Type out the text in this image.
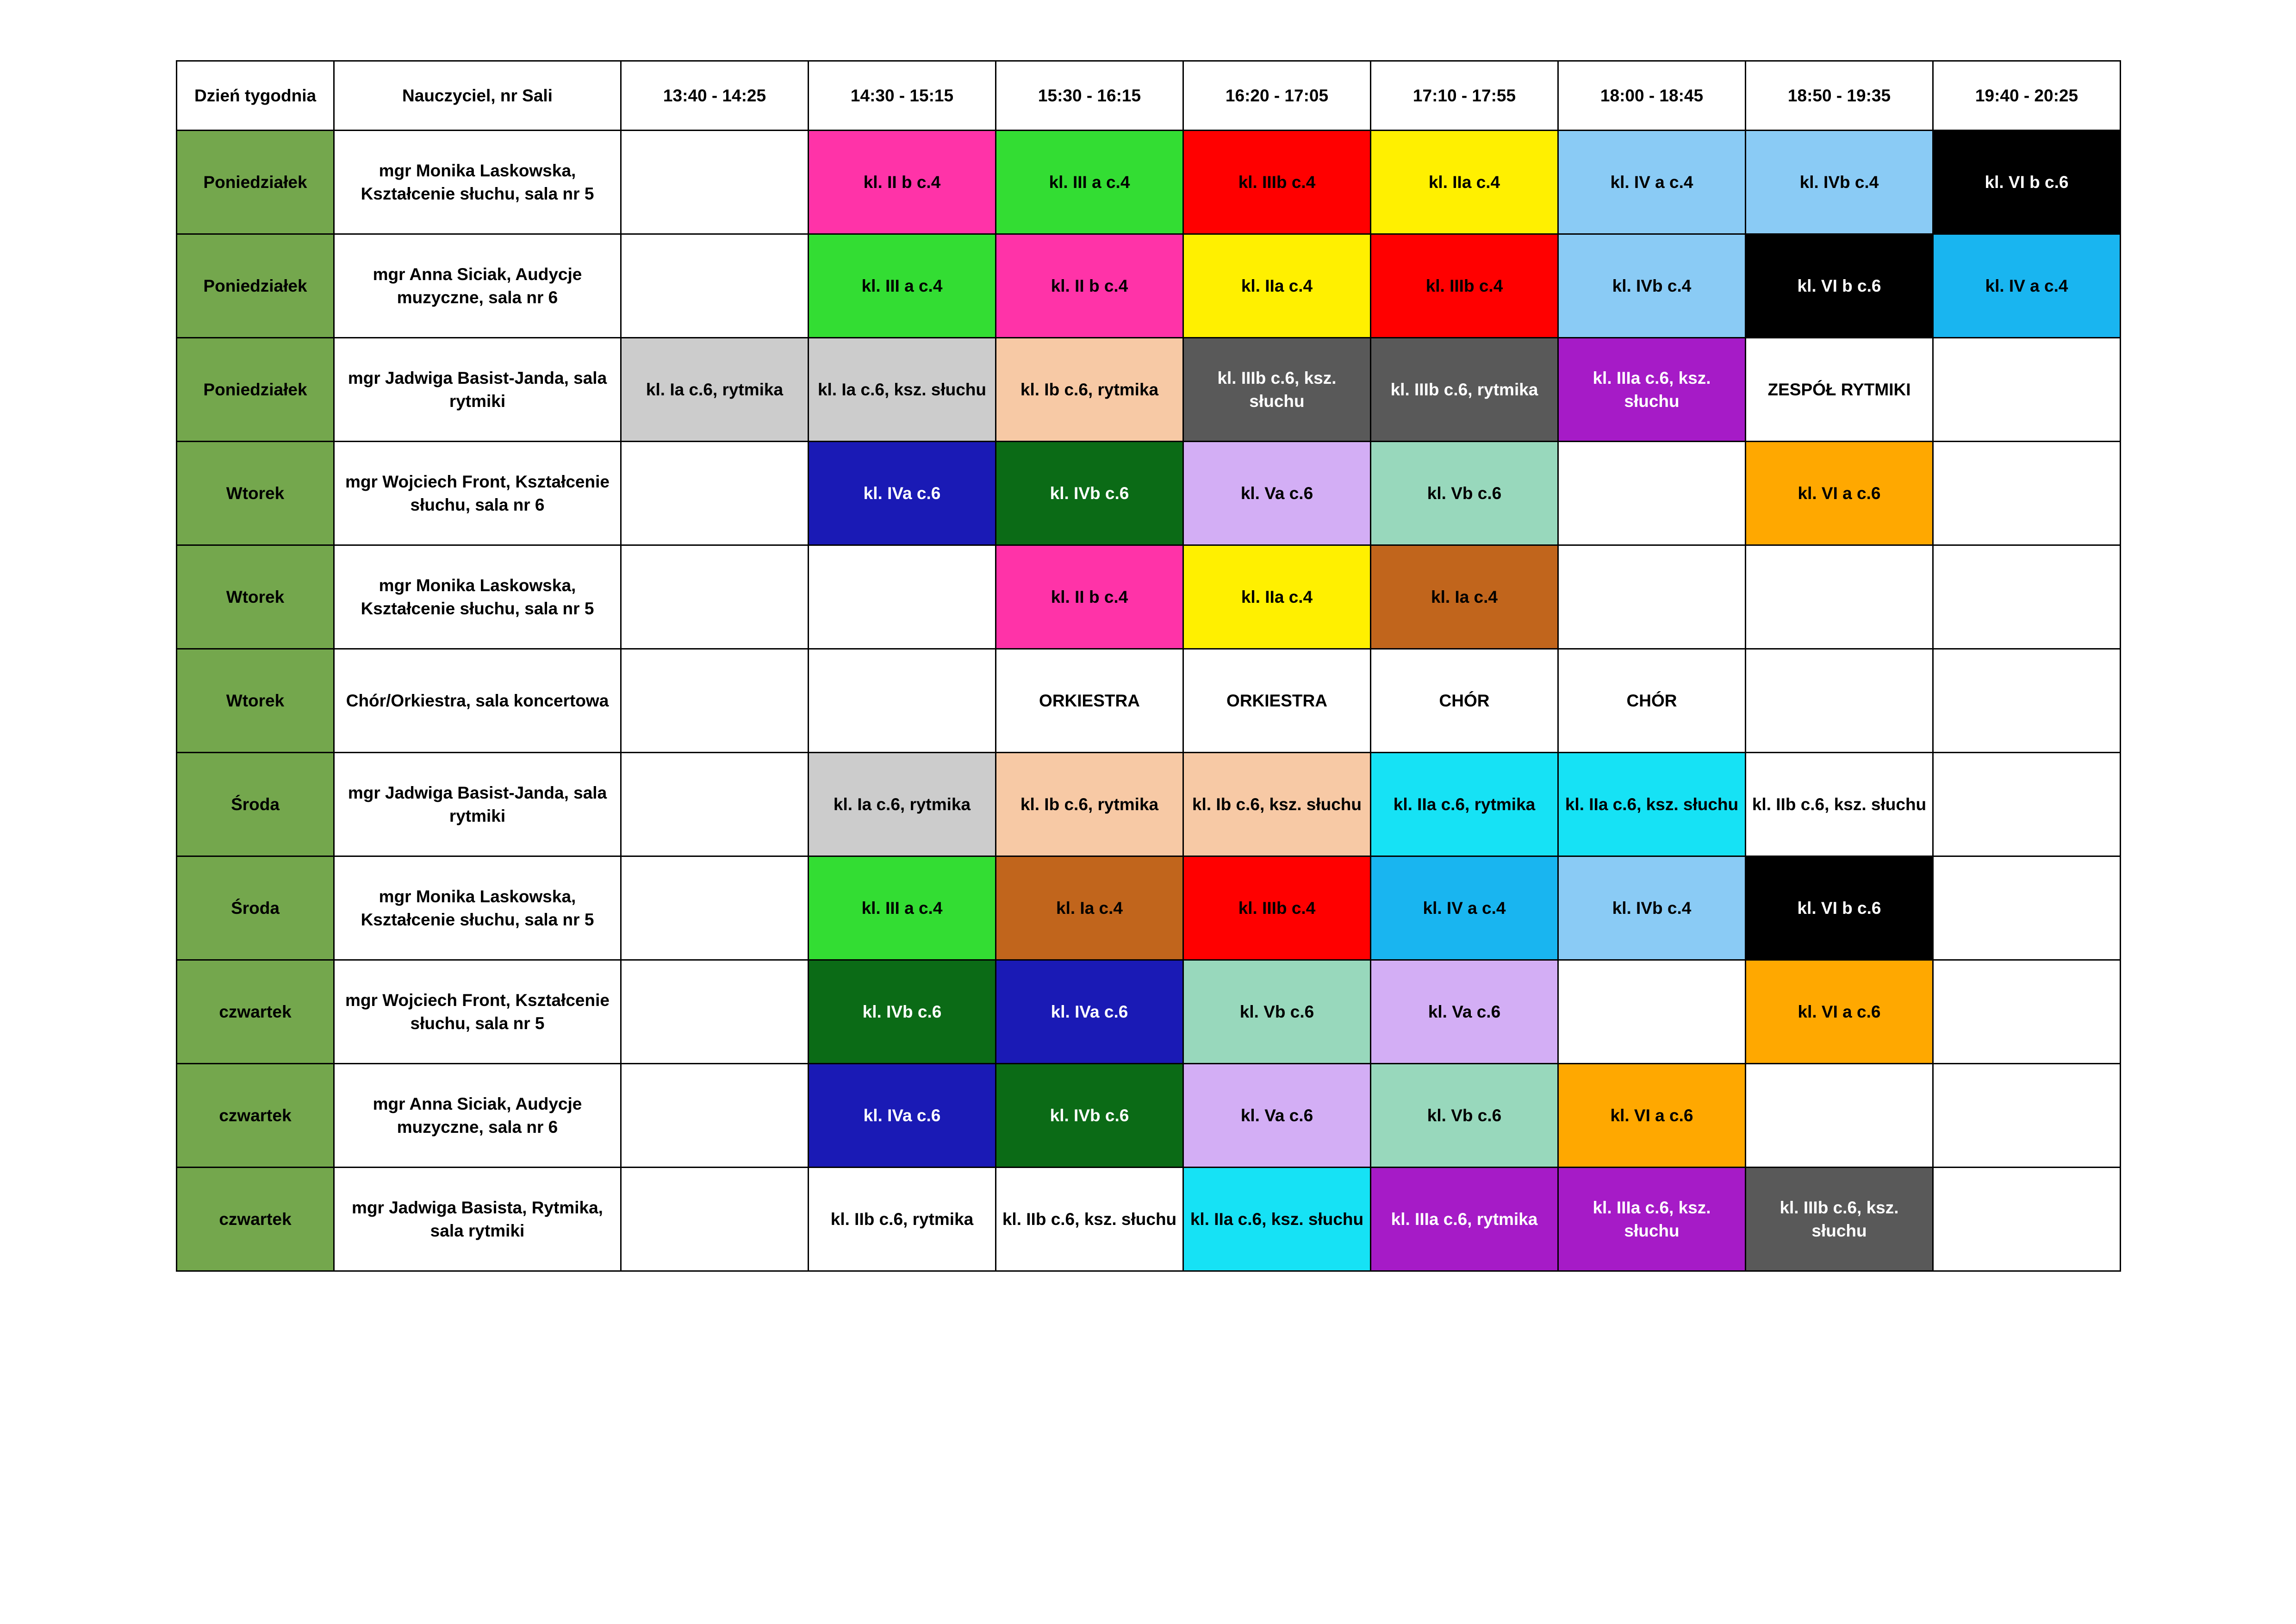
Dzień tygodnia	Nauczyciel, nr Sali	13:40 - 14:25	14:30 - 15:15	15:30 - 16:15	16:20 - 17:05	17:10 - 17:55	18:00 - 18:45	18:50 - 19:35	19:40 - 20:25
Poniedziałek	mgr Monika Laskowska, Kształcenie słuchu, sala nr 5		kl. II b c.4	kl. III a c.4	kl. IIIb c.4	kl. IIa c.4	kl. IV a c.4	kl. IVb c.4	kl. VI b c.6
Poniedziałek	mgr Anna Siciak, Audycje muzyczne, sala nr 6		kl. III a c.4	kl. II b c.4	kl. IIa c.4	kl. IIIb c.4	kl. IVb c.4	kl. VI b c.6	kl. IV a c.4
Poniedziałek	mgr Jadwiga Basist-Janda, sala rytmiki	kl. Ia c.6, rytmika	kl. Ia c.6, ksz. słuchu	kl. Ib c.6, rytmika	kl. IIIb c.6, ksz. słuchu	kl. IIIb c.6, rytmika	kl. IIIa c.6, ksz. słuchu	ZESPÓŁ RYTMIKI	
Wtorek	mgr Wojciech Front, Kształcenie słuchu, sala nr 6		kl. IVa c.6	kl. IVb c.6	kl. Va c.6	kl. Vb c.6		kl. VI a c.6	
Wtorek	mgr Monika Laskowska, Kształcenie słuchu, sala nr 5			kl. II b c.4	kl. IIa c.4	kl. Ia c.4			
Wtorek	Chór/Orkiestra, sala koncertowa			ORKIESTRA	ORKIESTRA	CHÓR	CHÓR		
Środa	mgr Jadwiga Basist-Janda, sala rytmiki		kl. Ia c.6, rytmika	kl. Ib c.6, rytmika	kl. Ib c.6, ksz. słuchu	kl. IIa c.6, rytmika	kl. IIa c.6, ksz. słuchu	kl. IIb c.6, ksz. słuchu	
Środa	mgr Monika Laskowska, Kształcenie słuchu, sala nr 5		kl. III a c.4	kl. Ia c.4	kl. IIIb c.4	kl. IV a c.4	kl. IVb c.4	kl. VI b c.6	
czwartek	mgr Wojciech Front, Kształcenie słuchu, sala nr 5		kl. IVb c.6	kl. IVa c.6	kl. Vb c.6	kl. Va c.6		kl. VI a c.6	
czwartek	mgr Anna Siciak, Audycje muzyczne, sala nr 6		kl. IVa c.6	kl. IVb c.6	kl. Va c.6	kl. Vb c.6	kl. VI a c.6		
czwartek	mgr Jadwiga Basista, Rytmika, sala rytmiki		kl. IIb c.6, rytmika	kl. IIb c.6, ksz. słuchu	kl. IIa c.6, ksz. słuchu	kl. IIIa c.6, rytmika	kl. IIIa c.6, ksz. słuchu	kl. IIIb c.6, ksz. słuchu	
